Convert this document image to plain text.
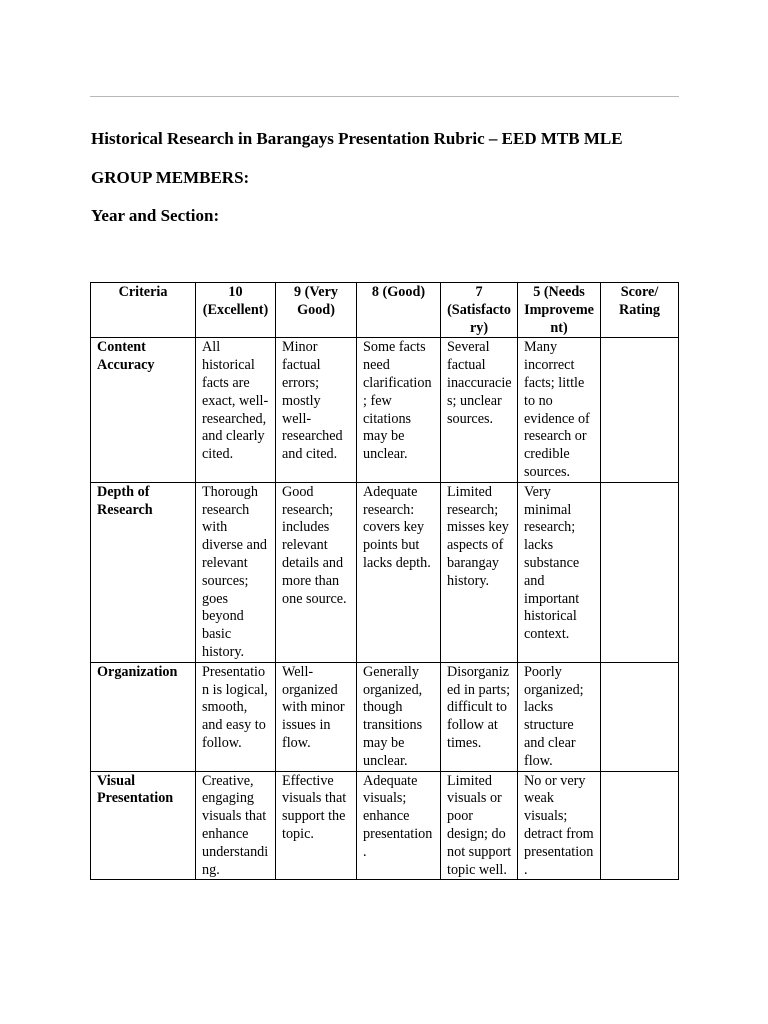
Historical Research in Barangays Presentation Rubric – EED MTB MLE
GROUP MEMBERS:
Year and Section:
Criteria	10 (Excellent)	9 (Very Good)	8 (Good)	7 (Satisfactory)	5 (Needs Improvement)	Score/ Rating
Content Accuracy	All historical facts are exact, well-researched, and clearly cited.	Minor factual errors; mostly well-researched and cited.	Some facts need clarification; few citations may be unclear.	Several factual inaccuracies; unclear sources.	Many incorrect facts; little to no evidence of research or credible sources.	
Depth of Research	Thorough research with diverse and relevant sources; goes beyond basic history.	Good research; includes relevant details and more than one source.	Adequate research: covers key points but lacks depth.	Limited research; misses key aspects of barangay history.	Very minimal research; lacks substance and important historical context.	
Organization	Presentation is logical, smooth, and easy to follow.	Well-organized with minor issues in flow.	Generally organized, though transitions may be unclear.	Disorganized in parts; difficult to follow at times.	Poorly organized; lacks structure and clear flow.	
Visual Presentation	Creative, engaging visuals that enhance understanding.	Effective visuals that support the topic.	Adequate visuals; enhance presentation.	Limited visuals or poor design; do not support topic well.	No or very weak visuals; detract from presentation.	
